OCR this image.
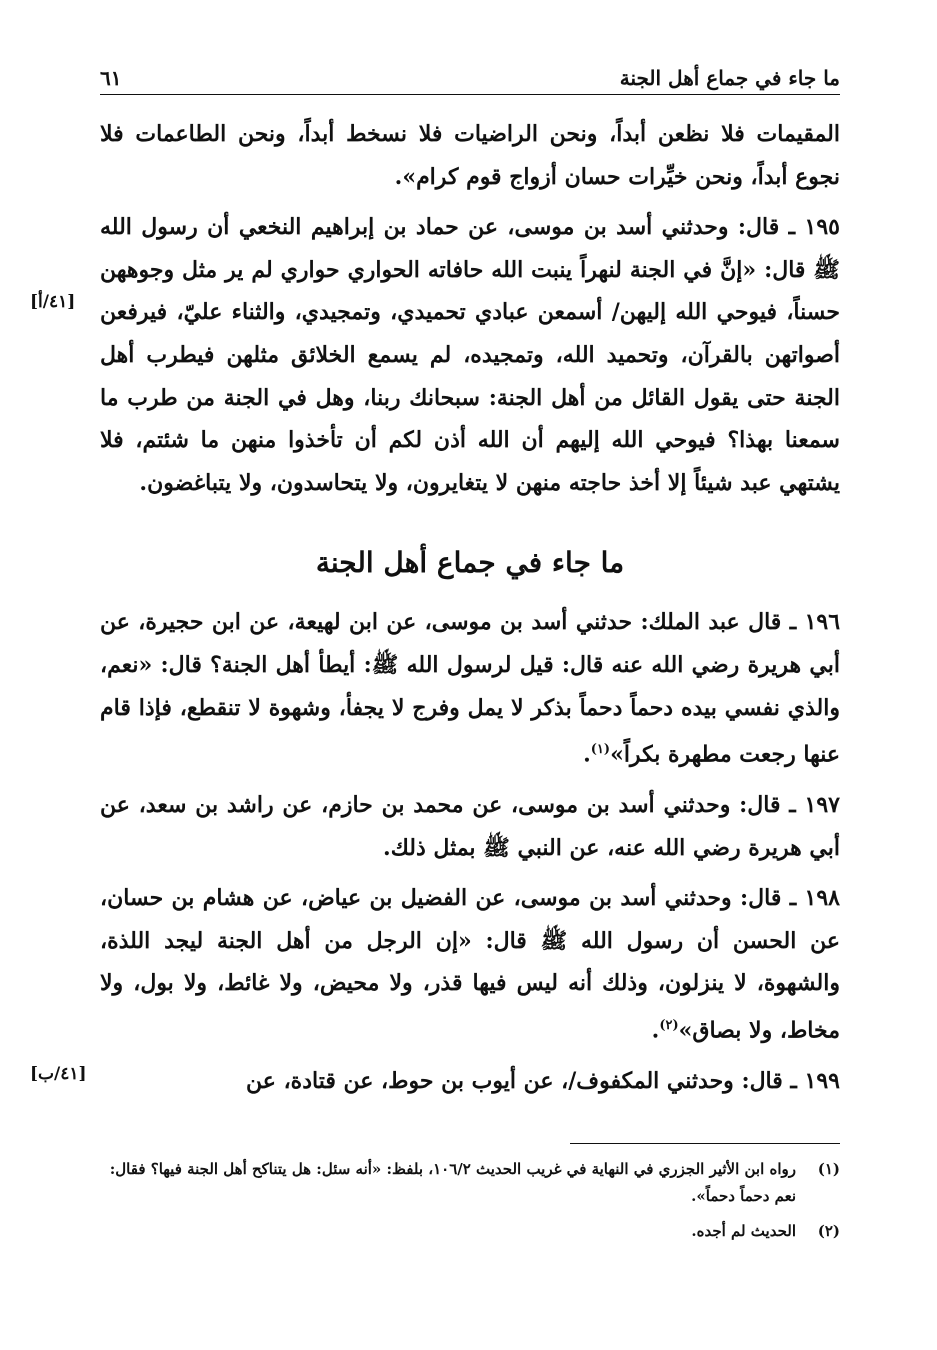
ما جاء في جماع أهل الجنة
٦١

المقيمات فلا نظعن أبداً، ونحن الراضيات فلا نسخط أبداً، ونحن الطاعمات فلا نجوع أبداً، ونحن خيِّرات حسان أزواج قوم كرام».

[٤١/أ]

١٩٥ ـ قال: وحدثني أسد بن موسى، عن حماد بن إبراهيم النخعي أن رسول الله ﷺ قال: «إنَّ في الجنة لنهراً ينبت الله حافاته الحواري حواري لم ير مثل وجوههن حسناً، فيوحي الله إليهن/ أسمعن عبادي تحميدي، وتمجيدي، والثناء عليّ، فيرفعن أصواتهن بالقرآن، وتحميد الله، وتمجيده، لم يسمع الخلائق مثلهن فيطرب أهل الجنة حتى يقول القائل من أهل الجنة: سبحانك ربنا، وهل في الجنة من طرب ما سمعنا بهذا؟ فيوحي الله إليهم أن الله أذن لكم أن تأخذوا منهن ما شئتم، فلا يشتهي عبد شيئاً إلا أخذ حاجته منهن لا يتغايرون، ولا يتحاسدون، ولا يتباغضون.

ما جاء في جماع أهل الجنة

١٩٦ ـ قال عبد الملك: حدثني أسد بن موسى، عن ابن لهيعة، عن ابن حجيرة، عن أبي هريرة رضي الله عنه قال: قيل لرسول الله ﷺ: أيطأ أهل الجنة؟ قال: «نعم، والذي نفسي بيده دحماً دحماً بذكر لا يمل وفرج لا يجفأ، وشهوة لا تنقطع، فإذا قام عنها رجعت مطهرة بكراً»$^{(١)}$.

١٩٧ ـ قال: وحدثني أسد بن موسى، عن محمد بن حازم، عن راشد بن سعد، عن أبي هريرة رضي الله عنه، عن النبي ﷺ بمثل ذلك.

١٩٨ ـ قال: وحدثني أسد بن موسى، عن الفضيل بن عياض، عن هشام بن حسان، عن الحسن أن رسول الله ﷺ قال: «إن الرجل من أهل الجنة ليجد اللذة، والشهوة، لا ينزلون، وذلك أنه ليس فيها قذر، ولا محيض، ولا غائط، ولا بول، ولا مخاط، ولا بصاق»$^{(٢)}$.

[٤١/ب]	١٩٩ ـ قال: وحدثني المكفوف/، عن أيوب بن حوط، عن قتادة، عن

(١)
رواه ابن الأثير الجزري في النهاية في غريب الحديث ١٠٦/٢، بلفظ: «أنه سئل: هل يتناكح أهل الجنة فيها؟ فقال: نعم دحماً دحماً».
(٢)
الحديث لم أجده.
